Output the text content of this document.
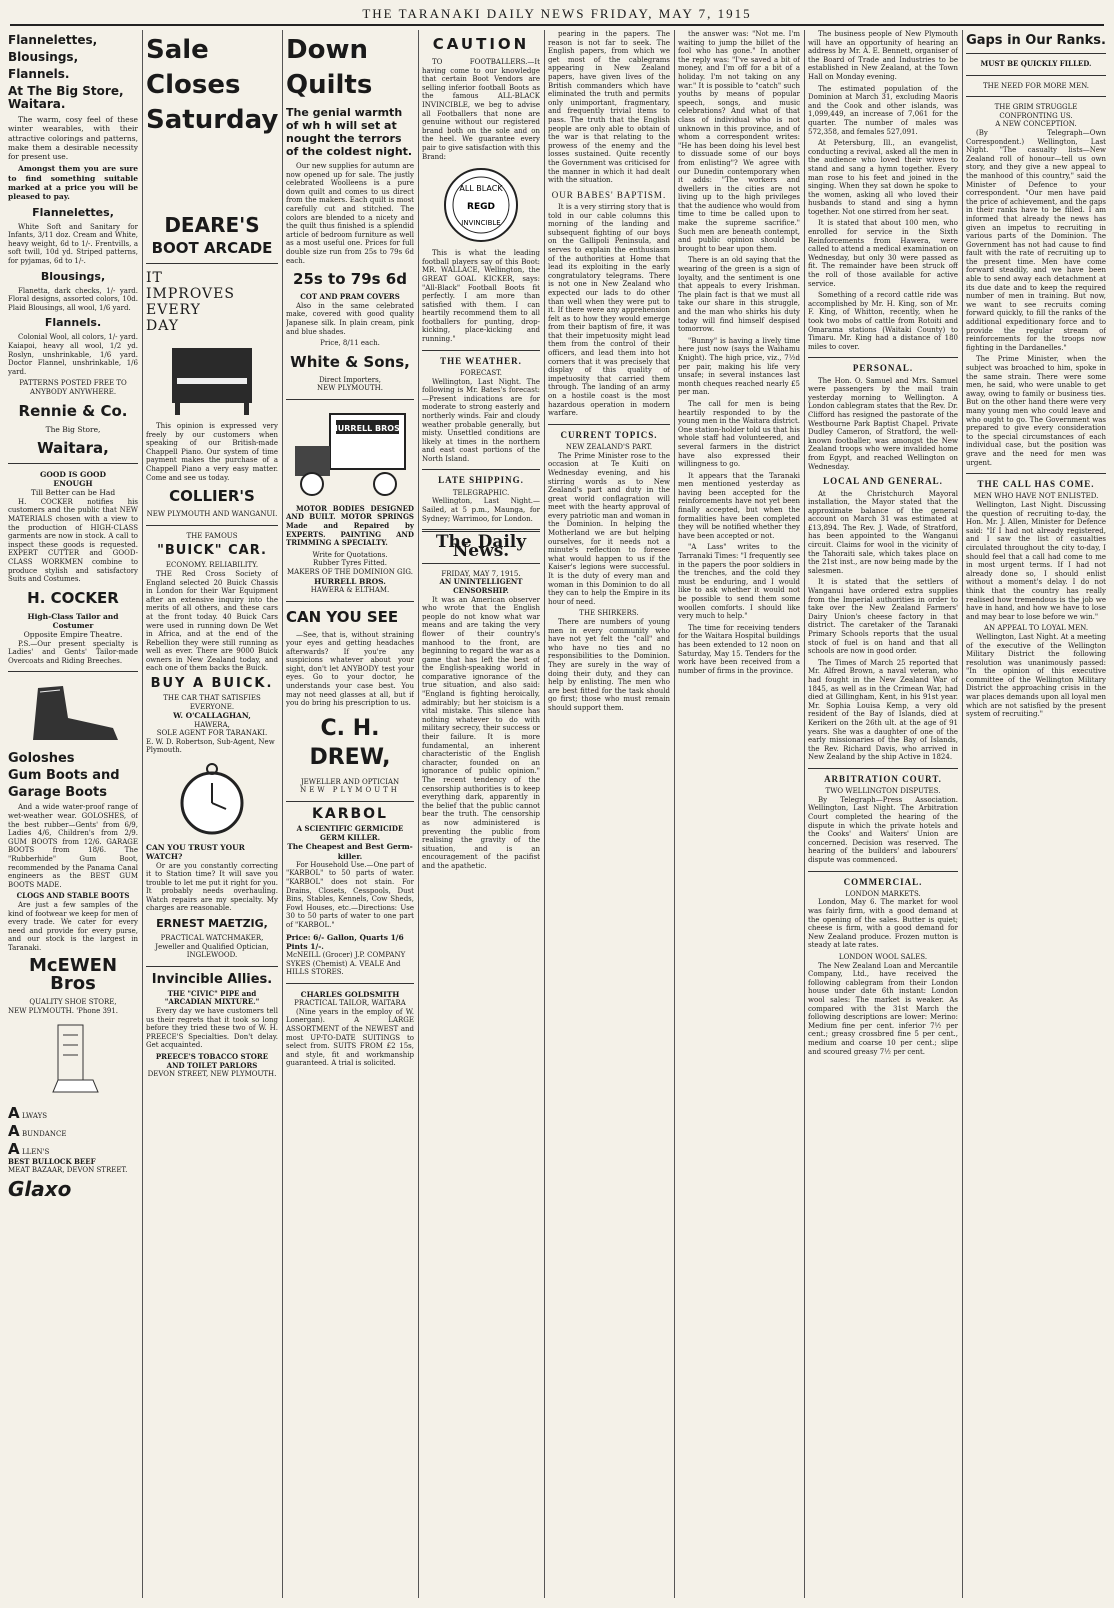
THE TARANAKI DAILY NEWS FRIDAY, MAY 7, 1915
Flannelettes,
Blousings,
Flannels.
At The Big Store, Waitara.

The warm, cosy feel of these winter wearables, with their attractive colorings and patterns, make them a desirable necessity for present use.

Amongst them you are sure to find something suitable marked at a price you will be pleased to pay.

Flannelettes,

White Soft and Sanitary for Infants, 3/11 doz. Cream and White, heavy weight, 6d to 1/-. Frentvills, a soft twill, 10d yd. Striped patterns, for pyjamas, 6d to 1/-.

Blousings,

Flanetta, dark checks, 1/- yard. Floral designs, assorted colors, 10d. Plaid Blousings, all wool, 1/6 yard.

Flannels.

Colonial Wool, all colors, 1/- yard. Kaiapoi, heavy all wool, 1/2 yd. Roslyn, unshrinkable, 1/6 yard. Doctor Flannel, unshrinkable, 1/6 yard.

PATTERNS POSTED FREE TO ANYBODY ANYWHERE.
Rennie & Co.
The Big Store,
Waitara,
GOOD IS GOOD
ENOUGH
Till Better can be Had

H. COCKER notifies his customers and the public that NEW MATERIALS chosen with a view to the production of HIGH-CLASS garments are now in stock. A call to inspect these goods is requested. EXPERT CUTTER and GOOD-CLASS WORKMEN combine to produce stylish and satisfactory Suits and Costumes.

H. COCKER
High-Class Tailor and Costumer
Opposite Empire Theatre.

P.S.—Our present specialty is Ladies' and Gents' Tailor-made Overcoats and Riding Breeches.

Goloshes
Gum Boots and
Garage Boots

And a wide water-proof range of wet-weather wear. GOLOSHES, of the best rubber—Gents' from 6/9, Ladies 4/6, Children's from 2/9. GUM BOOTS from 12/6. GARAGE BOOTS from 18/6. The "Rubberhide" Gum Boot, recommended by the Panama Canal engineers as the BEST GUM BOOTS MADE.

CLOGS AND STABLE BOOTS

Are just a few samples of the kind of footwear we keep for men of every trade. We cater for every need and provide for every purse, and our stock is the largest in Taranaki.

McEWEN Bros
QUALITY SHOE STORE,
NEW PLYMOUTH. 'Phone 391.
A LWAYS
A BUNDANCE
A LLEN'S
BEST BULLOCK BEEF
MEAT BAZAAR, DEVON STREET.
Glaxo
Sale
Closes
Saturday
DEARE'S
BOOT ARCADE
IT
IMPROVES
EVERY
DAY

This opinion is expressed very freely by our customers when speaking of our British-made Chappell Piano. Our system of time payment makes the purchase of a Chappell Piano a very easy matter. Come and see us today.

COLLIER'S
NEW PLYMOUTH AND WANGANUI.
THE FAMOUS
"BUICK" CAR.
ECONOMY. RELIABILITY.

THE Red Cross Society of England selected 20 Buick Chassis in London for their War Equipment after an extensive inquiry into the merits of all others, and these cars at the front today. 40 Buick Cars were used in running down De Wet in Africa, and at the end of the Rebellion they were still running as well as ever. There are 9000 Buick owners in New Zealand today, and each one of them backs the Buick.

BUY A BUICK.
THE CAR THAT SATISFIES EVERYONE.
W. O'CALLAGHAN,
HAWERA,
SOLE AGENT FOR TARANAKI.
E. W. D. Robertson, Sub-Agent, New Plymouth.
CAN YOU TRUST YOUR WATCH?

Or are you constantly correcting it to Station time? It will save you trouble to let me put it right for you. It probably needs overhauling. Watch repairs are my specialty. My charges are reasonable.

ERNEST MAETZIG,
PRACTICAL WATCHMAKER,
Jeweller and Qualified Optician,
INGLEWOOD.
Invincible Allies.
THE "CIVIC" PIPE and "ARCADIAN MIXTURE."

Every day we have customers tell us their regrets that it took so long before they tried these two of W. H. PREECE'S Specialties. Don't delay. Get acquainted.

PREECE'S TOBACCO STORE AND TOILET PARLORS
DEVON STREET, NEW PLYMOUTH.
Down
Quilts
The genial warmth of wh h will set at nought the terrors of the coldest night.

Our new supplies for autumn are now opened up for sale. The justly celebrated Woolleens is a pure down quilt and comes to us direct from the makers. Each quilt is most carefully cut and stitched. The colors are blended to a nicety and the quilt thus finished is a splendid article of bedroom furniture as well as a most useful one. Prices for full double size run from 25s to 79s 6d each.

25s to 79s 6d
COT AND PRAM COVERS

Also in the same celebrated make, covered with good quality Japanese silk. In plain cream, pink and blue shades.

Price, 8/11 each.
White & Sons,
Direct Importers,
NEW PLYMOUTH.
HURRELL BROS.

MOTOR BODIES DESIGNED AND BUILT. MOTOR SPRINGS Made and Repaired by EXPERTS. PAINTING AND TRIMMING A SPECIALTY.

Write for Quotations.
Rubber Tyres Fitted.
MAKERS OF THE DOMINION GIG.
HURRELL BROS.
HAWERA & ELTHAM.
CAN YOU SEE

—See, that is, without straining your eyes and getting headaches afterwards? If you're any suspicions whatever about your sight, don't let ANYBODY test your eyes. Go to your doctor, he understands your case best. You may not need glasses at all, but if you do bring his prescription to us.

C. H. DREW,
JEWELLER AND OPTICIAN
NEW PLYMOUTH
KARBOL
A SCIENTIFIC GERMICIDE GERM KILLER.
The Cheapest and Best Germ-killer.

For Household Use.—One part of "KARBOL" to 50 parts of water. "KARBOL" does not stain. For Drains, Closets, Cesspools, Dust Bins, Stables, Kennels, Cow Sheds, Fowl Houses, etc.—Directions: Use 30 to 50 parts of water to one part of "KARBOL."

Price: 6/- Gallon, Quarts 1/6 Pints 1/-.
McNEILL (Grocer) J.P. COMPANY SYKES (Chemist) A. VEALE And HILLS STORES.
CHARLES GOLDSMITH
PRACTICAL TAILOR, WAITARA

(Nine years in the employ of W. Lonergan). A LARGE ASSORTMENT of the NEWEST and most UP-TO-DATE SUITINGS to select from. SUITS FROM £2 15s, and style, fit and workmanship guaranteed. A trial is solicited.

CAUTION

TO FOOTBALLERS.—It having come to our knowledge that certain Boot Vendors are selling inferior football Boots as the famous ALL-BLACK INVINCIBLE, we beg to advise all Footballers that none are genuine without our registered brand both on the sole and on the heel. We guarantee every pair to give satisfaction with this Brand:

ALL BLACK
REGD
INVINCIBLE

This is what the leading football players say of this Boot: MR. WALLACE, Wellington, the GREAT GOAL KICKER, says: "All-Black" Football Boots fit perfectly. I am more than satisfied with them. I can heartily recommend them to all footballers for punting, drop-kicking, place-kicking and running."

THE WEATHER.
FORECAST.

Wellington, Last Night. The following is Mr. Bates's forecast:—Present indications are for moderate to strong easterly and northerly winds. Fair and cloudy weather probable generally, but misty. Unsettled conditions are likely at times in the northern and east coast portions of the North Island.

LATE SHIPPING.
TELEGRAPHIC.

Wellington, Last Night.—Sailed, at 5 p.m., Maunga, for Sydney; Warrimoo, for London.

The Daily News.
FRIDAY, MAY 7, 1915.
AN UNINTELLIGENT CENSORSHIP.

It was an American observer who wrote that the English people do not know what war means and are taking the very flower of their country's manhood to the front, are beginning to regard the war as a game that has left the best of the English-speaking world in comparative ignorance of the true situation, and also said: "England is fighting heroically, admirably; but her stoicism is a vital mistake. This silence has nothing whatever to do with military secrecy, their success or their failure. It is more fundamental, an inherent characteristic of the English character, founded on an ignorance of public opinion." The recent tendency of the censorship authorities is to keep everything dark, apparently in the belief that the public cannot bear the truth. The censorship as now administered is preventing the public from realising the gravity of the situation, and is an encouragement of the pacifist and the apathetic.

pearing in the papers. The reason is not far to seek. The English papers, from which we get most of the cablegrams appearing in New Zealand papers, have given lives of the British commanders which have eliminated the truth and permits only unimportant, fragmentary, and frequently trivial items to pass. The truth that the English people are only able to obtain of the war is that relating to the prowess of the enemy and the losses sustained. Quite recently the Government was criticised for the manner in which it had dealt with the situation.

OUR BABES' BAPTISM.

It is a very stirring story that is told in our cable columns this morning of the landing and subsequent fighting of our boys on the Gallipoli Peninsula, and serves to explain the enthusiasm of the authorities at Home that lead its exploiting in the early congratulatory telegrams. There is not one in New Zealand who expected our lads to do other than well when they were put to it. If there were any apprehension felt as to how they would emerge from their baptism of fire, it was that their impetuosity might lead them from the control of their officers, and lead them into hot corners that it was precisely that display of this quality of impetuosity that carried them through. The landing of an army on a hostile coast is the most hazardous operation in modern warfare.

CURRENT TOPICS.
NEW ZEALAND'S PART.

The Prime Minister rose to the occasion at Te Kuiti on Wednesday evening, and his stirring words as to New Zealand's part and duty in the great world conflagration will meet with the hearty approval of every patriotic man and woman in the Dominion. In helping the Motherland we are but helping ourselves, for it needs not a minute's reflection to foresee what would happen to us if the Kaiser's legions were successful. It is the duty of every man and woman in this Dominion to do all they can to help the Empire in its hour of need.

THE SHIRKERS.

There are numbers of young men in every community who have not yet felt the "call" and who have no ties and no responsibilities to the Dominion. They are surely in the way of doing their duty, and they can help by enlisting. The men who are best fitted for the task should go first; those who must remain should support them.

the answer was: "Not me. I'm waiting to jump the billet of the fool who has gone." In another the reply was: "I've saved a bit of money, and I'm off for a bit of a holiday. I'm not taking on any war." It is possible to "catch" such youths by means of popular speech, songs, and music celebrations? And what of that class of individual who is not unknown in this province, and of whom a correspondent writes: "He has been doing his level best to dissuade some of our boys from enlisting"? We agree with our Dunedin contemporary when it adds: "The workers and dwellers in the cities are not living up to the high privileges that the audience who would from time to time be called upon to make the supreme sacrifice." Such men are beneath contempt, and public opinion should be brought to bear upon them.

There is an old saying that the wearing of the green is a sign of loyalty, and the sentiment is one that appeals to every Irishman. The plain fact is that we must all take our share in this struggle, and the man who shirks his duty today will find himself despised tomorrow.

"Bunny" is having a lively time here just now (says the Waihamu Knight). The high price, viz., 7½d per pair, making his life very unsafe; in several instances last month cheques reached nearly £5 per man.

The call for men is being heartily responded to by the young men in the Waitara district. One station-holder told us that his whole staff had volunteered, and several farmers in the district have also expressed their willingness to go.

It appears that the Taranaki men mentioned yesterday as having been accepted for the reinforcements have not yet been finally accepted, but when the formalities have been completed they will be notified whether they have been accepted or not.

"A Lass" writes to the Tarranaki Times: "I frequently see in the papers the poor soldiers in the trenches, and the cold they must be enduring, and I would like to ask whether it would not be possible to send them some woollen comforts. I should like very much to help."

The time for receiving tenders for the Waitara Hospital buildings has been extended to 12 noon on Saturday, May 15. Tenders for the work have been received from a number of firms in the province.

The business people of New Plymouth will have an opportunity of hearing an address by Mr. A. E. Bennett, organiser of the Board of Trade and Industries to be established in New Zealand, at the Town Hall on Monday evening.

The estimated population of the Dominion at March 31, excluding Maoris and the Cook and other islands, was 1,099,449, an increase of 7,061 for the quarter. The number of males was 572,358, and females 527,091.

At Petersburg, Ill., an evangelist, conducting a revival, asked all the men in the audience who loved their wives to stand and sang a hymn together. Every man rose to his feet and joined in the singing. When they sat down he spoke to the women, asking all who loved their husbands to stand and sing a hymn together. Not one stirred from her seat.

It is stated that about 100 men, who enrolled for service in the Sixth Reinforcements from Hawera, were called to attend a medical examination on Wednesday, but only 30 were passed as fit. The remainder have been struck off the roll of those available for active service.

Something of a record cattle ride was accomplished by Mr. H. King, son of Mr. F. King, of Whitton, recently, when he took two mobs of cattle from Rotoiti and Omarama stations (Waitaki County) to Timaru. Mr. King had a distance of 180 miles to cover.

PERSONAL.

The Hon. O. Samuel and Mrs. Samuel were passengers by the mail train yesterday morning to Wellington. A London cablegram states that the Rev. Dr. Clifford has resigned the pastorate of the Westbourne Park Baptist Chapel. Private Dudley Cameron, of Stratford, the well-known footballer, was amongst the New Zealand troops who were invalided home from Egypt, and reached Wellington on Wednesday.

LOCAL AND GENERAL.

At the Christchurch Mayoral installation, the Mayor stated that the approximate balance of the general account on March 31 was estimated at £13,894. The Rev. J. Wade, of Stratford, has been appointed to the Wanganui circuit. Claims for wool in the vicinity of the Tahoraiti sale, which takes place on the 21st inst., are now being made by the salesmen.

It is stated that the settlers of Wanganui have ordered extra supplies from the Imperial authorities in order to take over the New Zealand Farmers' Dairy Union's cheese factory in that district. The caretaker of the Taranaki Primary Schools reports that the usual stock of fuel is on hand and that all schools are now in good order.

The Times of March 25 reported that Mr. Alfred Brown, a naval veteran, who had fought in the New Zealand War of 1845, as well as in the Crimean War, had died at Gillingham, Kent, in his 91st year. Mr. Sophia Louisa Kemp, a very old resident of the Bay of Islands, died at Kerikeri on the 26th ult. at the age of 91 years. She was a daughter of one of the early missionaries of the Bay of Islands, the Rev. Richard Davis, who arrived in New Zealand by the ship Active in 1824.

ARBITRATION COURT.
TWO WELLINGTON DISPUTES.

By Telegraph—Press Association. Wellington, Last Night. The Arbitration Court completed the hearing of the dispute in which the private hotels and the Cooks' and Waiters' Union are concerned. Decision was reserved. The hearing of the builders' and labourers' dispute was commenced.

COMMERCIAL.
LONDON MARKETS.

London, May 6. The market for wool was fairly firm, with a good demand at the opening of the sales. Butter is quiet; cheese is firm, with a good demand for New Zealand produce. Frozen mutton is steady at late rates.

LONDON WOOL SALES.

The New Zealand Loan and Mercantile Company, Ltd., have received the following cablegram from their London house under date 6th instant: London wool sales: The market is weaker. As compared with the 31st March the following descriptions are lower: Merino: Medium fine per cent. inferior 7½ per cent.; greasy crossbred fine 5 per cent., medium and coarse 10 per cent.; slipe and scoured greasy 7½ per cent.

Gaps in Our Ranks.
MUST BE QUICKLY FILLED.
THE NEED FOR MORE MEN.
THE GRIM STRUGGLE CONFRONTING US.
A NEW CONCEPTION.

(By Telegraph—Own Correspondent.) Wellington, Last Night. "The casualty lists—New Zealand roll of honour—tell us own story, and they give a new appeal to the manhood of this country," said the Minister of Defence to your correspondent. "Our men have paid the price of achievement, and the gaps in their ranks have to be filled. I am informed that already the news has given an impetus to recruiting in various parts of the Dominion. The Government has not had cause to find fault with the rate of recruiting up to the present time. Men have come forward steadily, and we have been able to send away each detachment at its due date and to keep the required number of men in training. But now, we want to see recruits coming forward quickly, to fill the ranks of the additional expeditionary force and to provide the regular stream of reinforcements for the troops now fighting in the Dardanelles."

The Prime Minister, when the subject was broached to him, spoke in the same strain. There were some men, he said, who were unable to get away, owing to family or business ties. But on the other hand there were very many young men who could leave and who ought to go. The Government was prepared to give every consideration to the special circumstances of each individual case, but the position was grave and the need for men was urgent.

THE CALL HAS COME.
MEN WHO HAVE NOT ENLISTED.

Wellington, Last Night. Discussing the question of recruiting to-day, the Hon. Mr. J. Allen, Minister for Defence said: "If I had not already registered, and I saw the list of casualties circulated throughout the city to-day, I should feel that a call had come to me in most urgent terms. If I had not already done so, I should enlist without a moment's delay. I do not think that the country has really realised how tremendous is the job we have in hand, and how we have to lose and may bear to lose before we win."

AN APPEAL TO LOYAL MEN.

Wellington, Last Night. At a meeting of the executive of the Wellington Military District the following resolution was unanimously passed: "In the opinion of this executive committee of the Wellington Military District the approaching crisis in the war places demands upon all loyal men which are not satisfied by the present system of recruiting."
